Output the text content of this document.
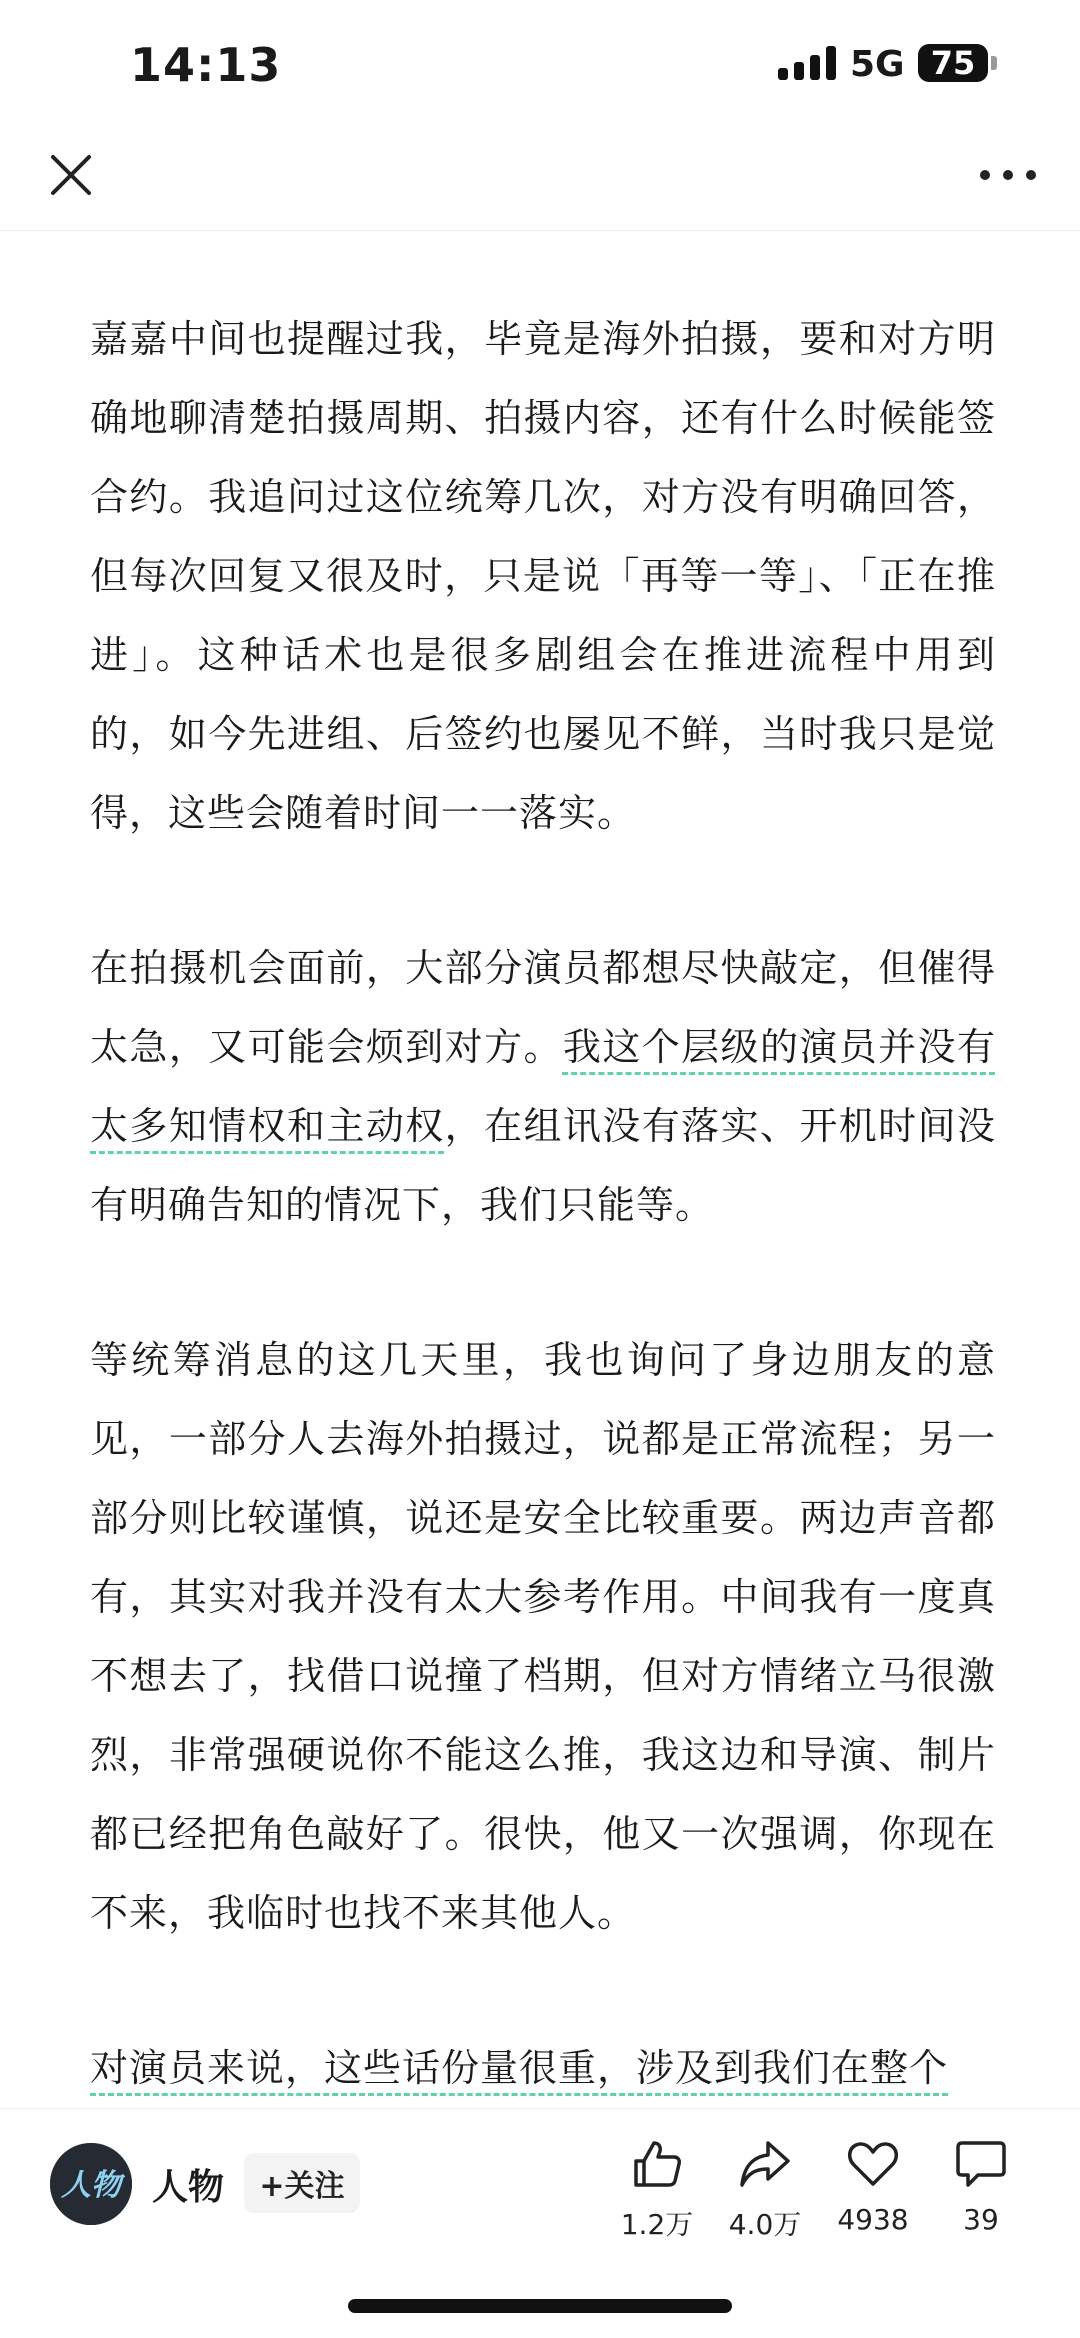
14:13	5G 75

嘉嘉中间也提醒过我，毕竟是海外拍摄，要和对方明确地聊清楚拍摄周期、拍摄内容，还有什么时候能签合约。我追问过这位统筹几次，对方没有明确回答，但每次回复又很及时，只是说「再等一等」、「正在推进」。这种话术也是很多剧组会在推进流程中用到的，如今先进组、后签约也屡见不鲜，当时我只是觉得，这些会随着时间一一落实。

在拍摄机会面前，大部分演员都想尽快敲定，但催得太急，又可能会烦到对方。我这个层级的演员并没有太多知情权和主动权，在组讯没有落实、开机时间没有明确告知的情况下，我们只能等。

等统筹消息的这几天里，我也询问了身边朋友的意见，一部分人去海外拍摄过，说都是正常流程；另一部分则比较谨慎，说还是安全比较重要。两边声音都有，其实对我并没有太大参考作用。中间我有一度真不想去了，找借口说撞了档期，但对方情绪立马很激烈，非常强硬说你不能这么推，我这边和导演、制片都已经把角色敲好了。很快，他又一次强调，你现在不来，我临时也找不来其他人。

对演员来说，这些话份量很重，涉及到我们在整个

人物 人物	+关注
1.2万	4.0万	4938	39
